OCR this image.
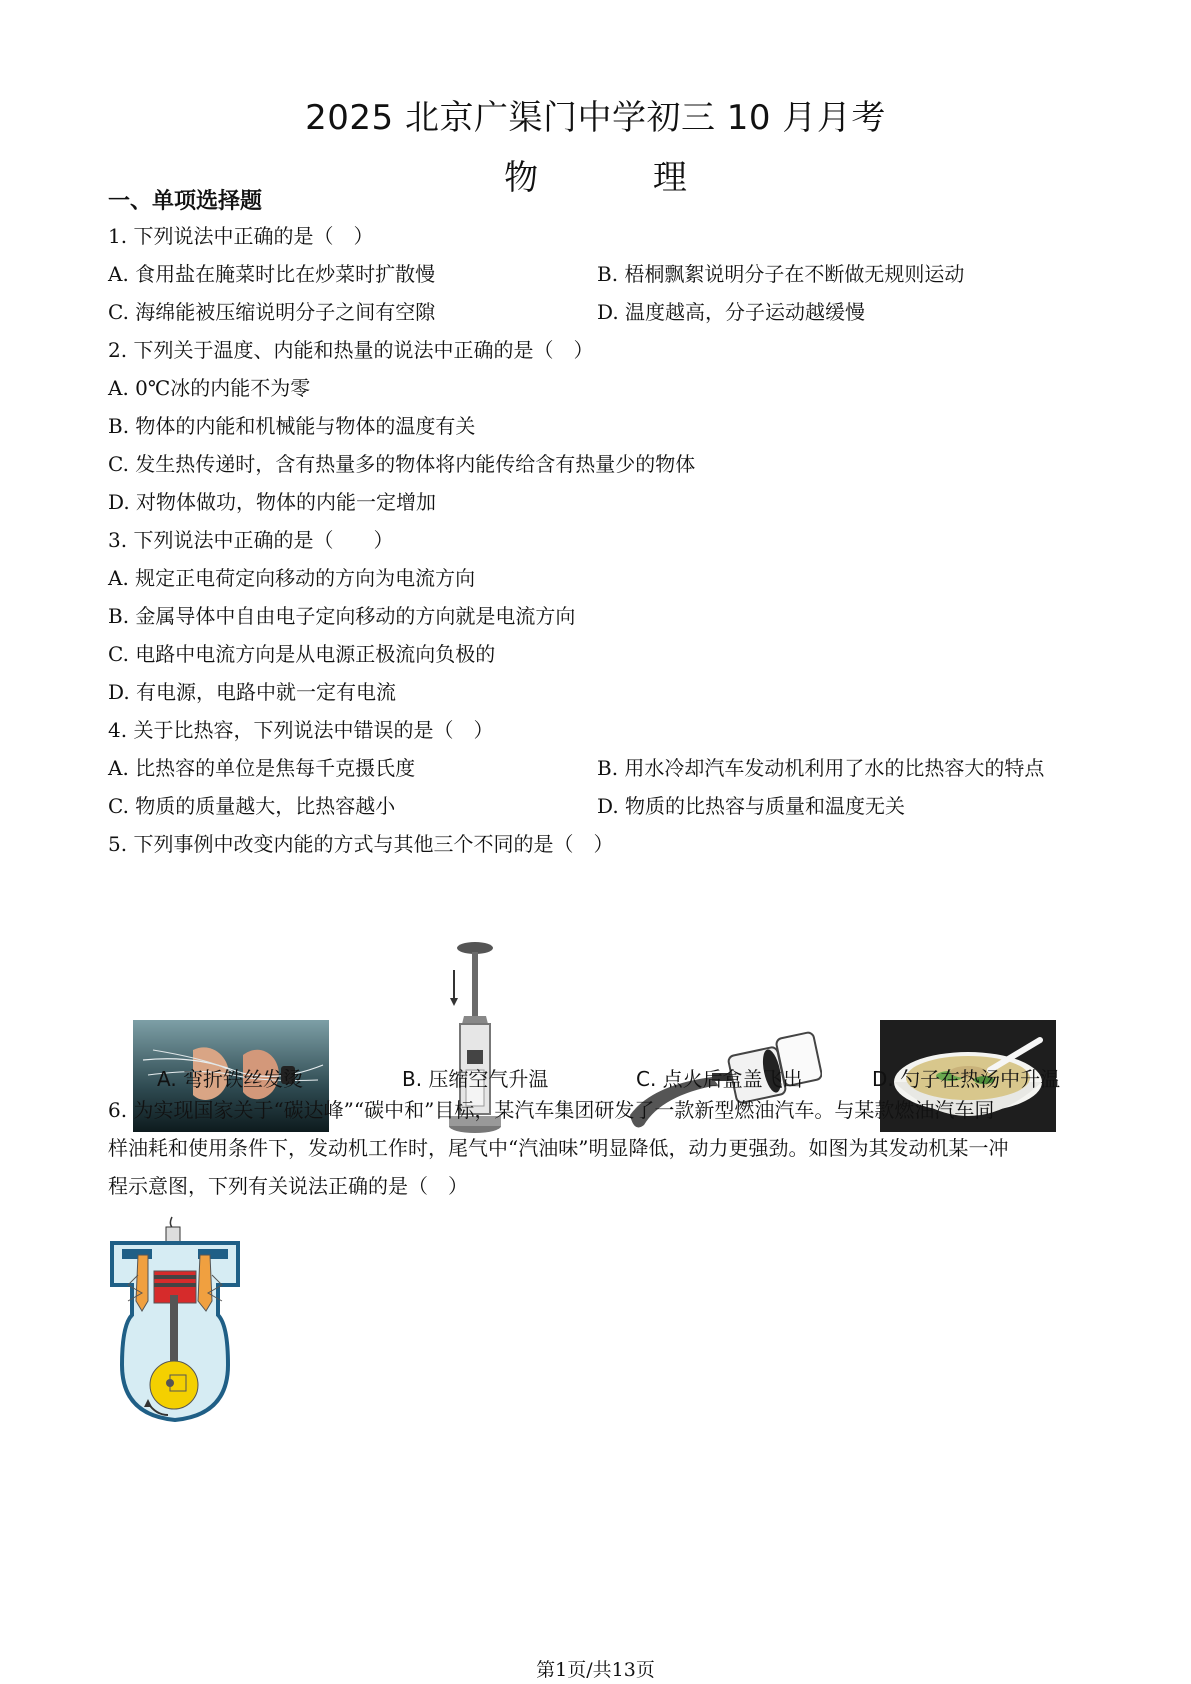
2025 北京广渠门中学初三 10 月月考
物	理
一、单项选择题
1. 下列说法中正确的是（　）
A. 食用盐在腌菜时比在炒菜时扩散慢	B. 梧桐飘絮说明分子在不断做无规则运动
C. 海绵能被压缩说明分子之间有空隙	D. 温度越高，分子运动越缓慢
2. 下列关于温度、内能和热量的说法中正确的是（　）
A. 0℃冰的内能不为零
B. 物体的内能和机械能与物体的温度有关
C. 发生热传递时，含有热量多的物体将内能传给含有热量少的物体
D. 对物体做功，物体的内能一定增加
3. 下列说法中正确的是（　　）
A. 规定正电荷定向移动的方向为电流方向
B. 金属导体中自由电子定向移动的方向就是电流方向
C. 电路中电流方向是从电源正极流向负极的
D. 有电源，电路中就一定有电流
4. 关于比热容，下列说法中错误的是（　）
A. 比热容的单位是焦每千克摄氏度	B. 用水冷却汽车发动机利用了水的比热容大的特点
C. 物质的质量越大，比热容越小	D. 物质的比热容与质量和温度无关
5. 下列事例中改变内能的方式与其他三个不同的是（　）
A. 弯折铁丝发烫	B. 压缩空气升温	C. 点火后盒盖飞出	D. 勺子在热汤中升温
6. 为实现国家关于“碳达峰”“碳中和”目标，某汽车集团研发了一款新型燃油汽车。与某款燃油汽车同
样油耗和使用条件下，发动机工作时，尾气中“汽油味”明显降低，动力更强劲。如图为其发动机某一冲
程示意图，下列有关说法正确的是（　）
第1页/共13页
